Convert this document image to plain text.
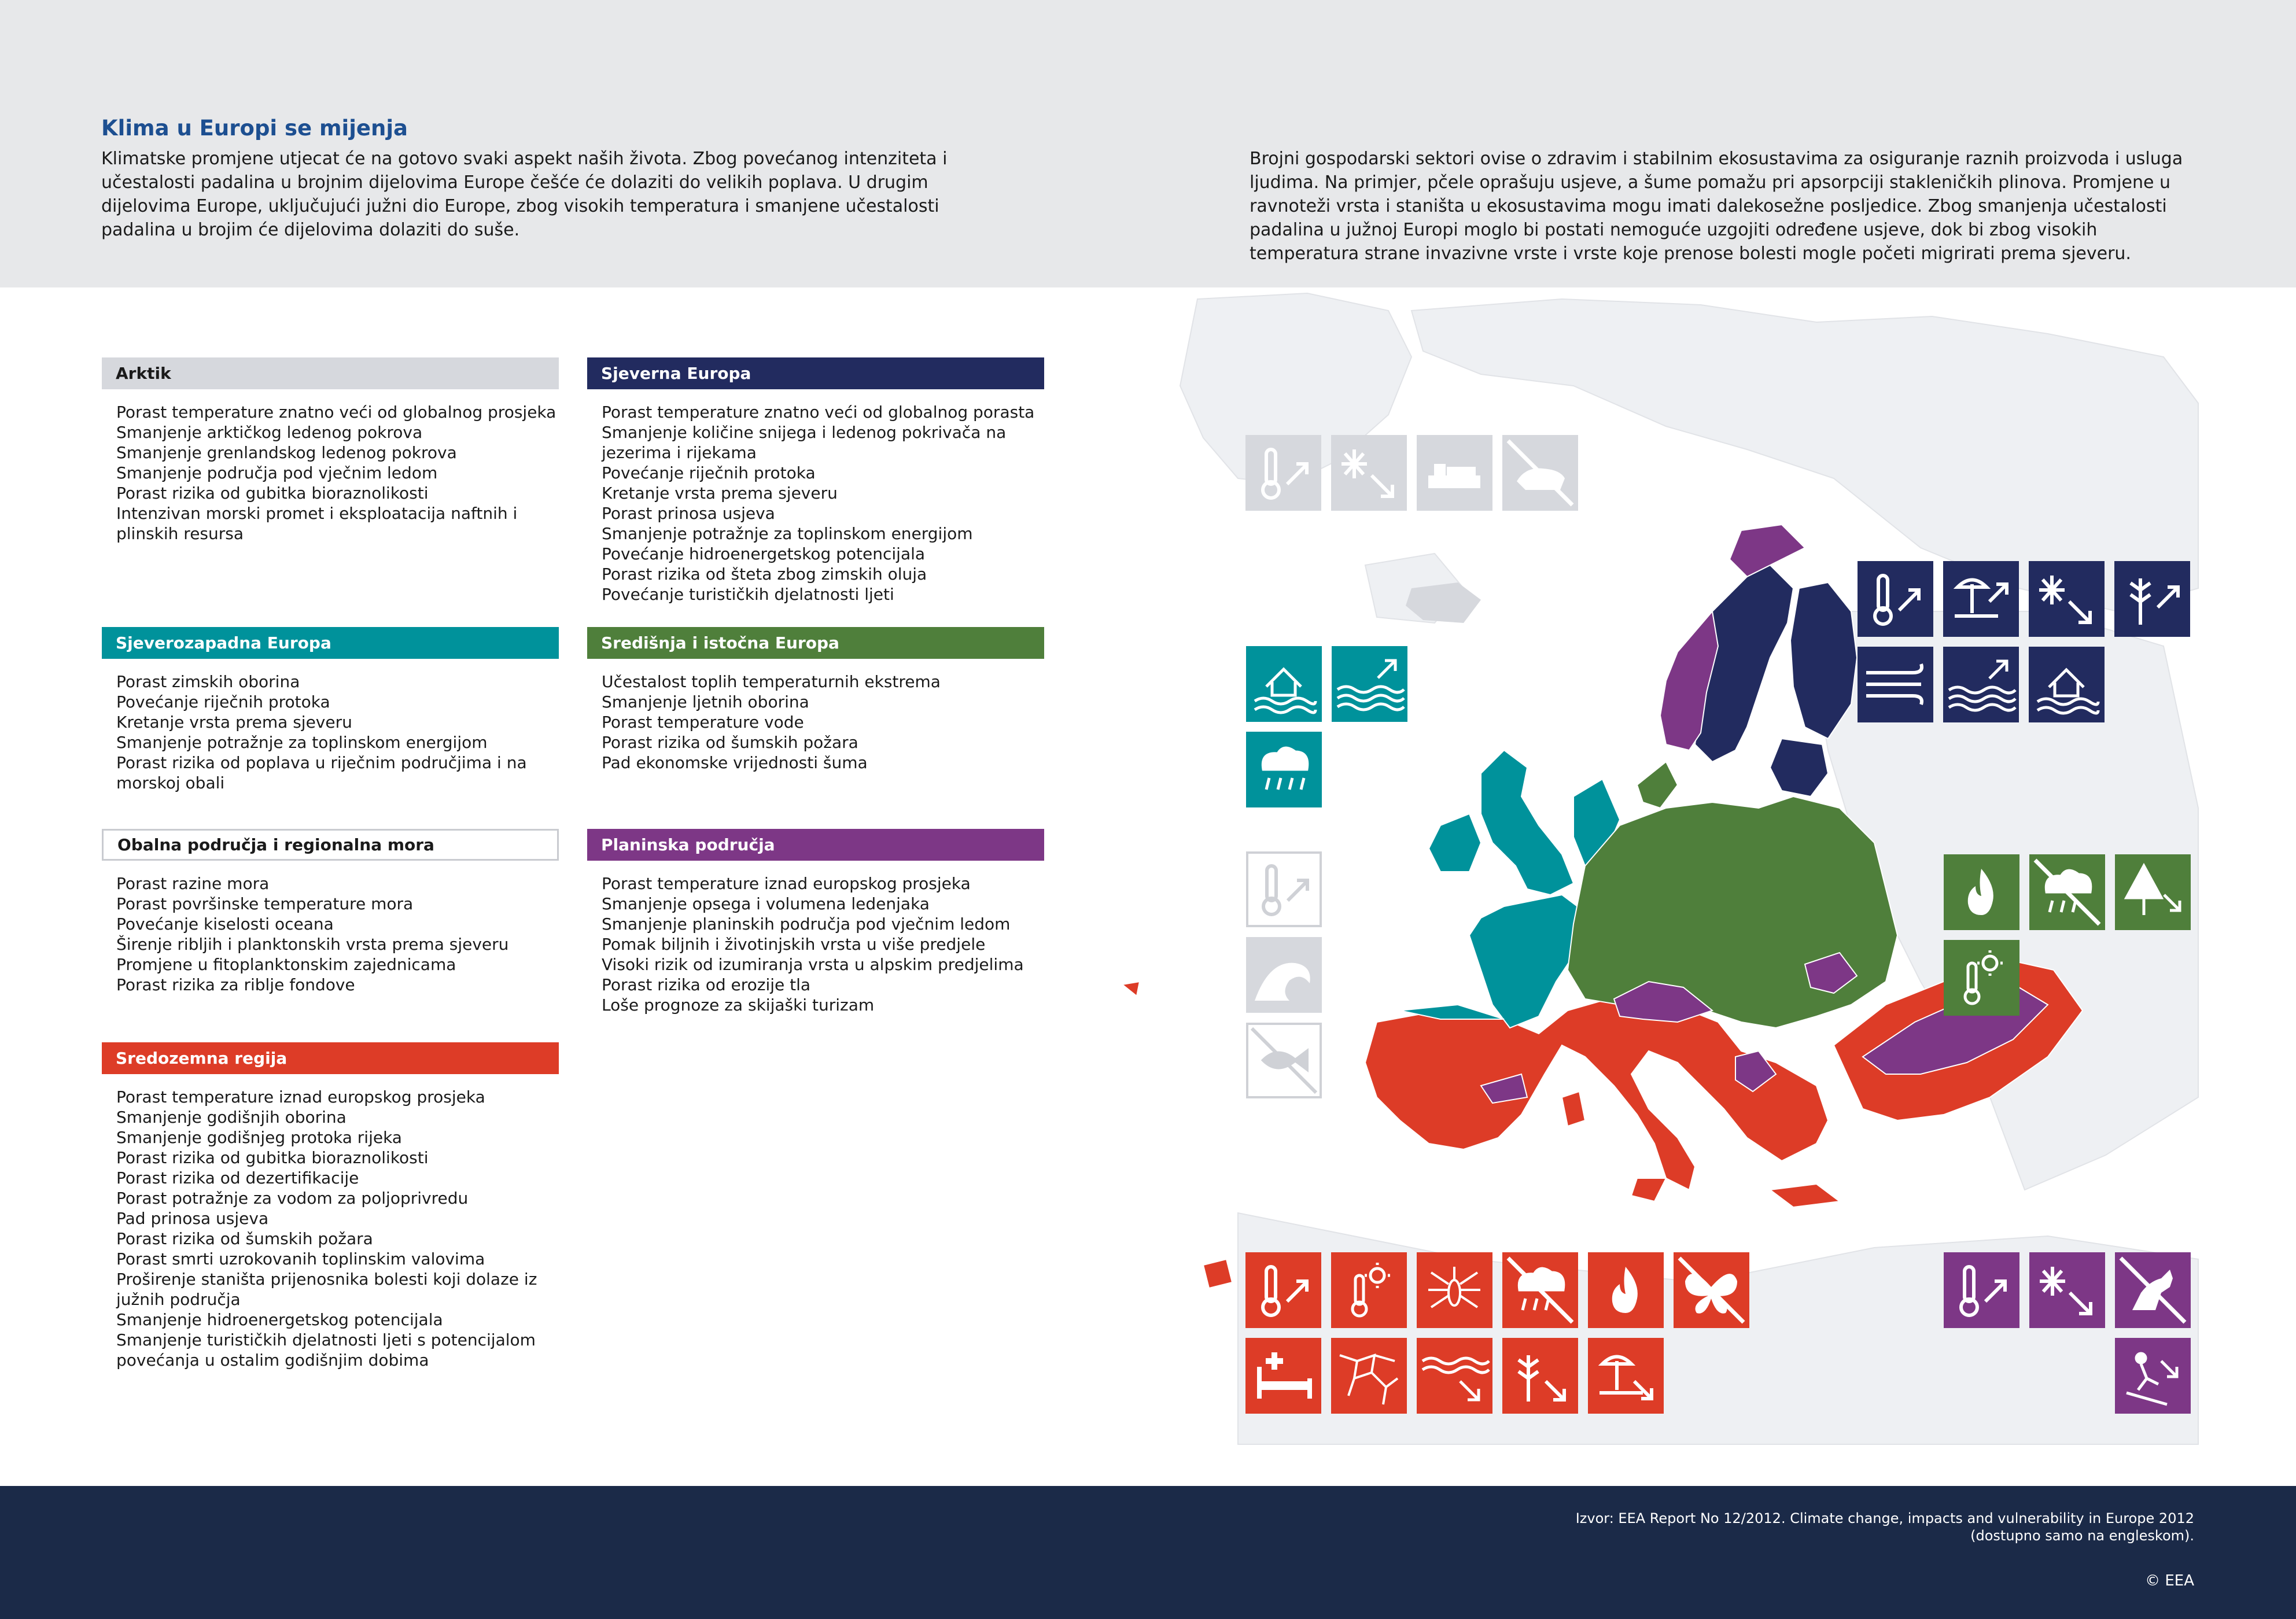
Klima u Europi se mijenja

Klimatske promjene utjecat će na gotovo svaki aspekt naših života. Zbog povećanog intenziteta i učestalosti padalina u brojnim dijelovima Europe češće će dolaziti do velikih poplava. U drugim dijelovima Europe, uključujući južni dio Europe, zbog visokih temperatura i smanjene učestalosti padalina u brojim će dijelovima dolaziti do suše.

Brojni gospodarski sektori ovise o zdravim i stabilnim ekosustavima za osiguranje raznih proizvoda i usluga ljudima. Na primjer, pčele oprašuju usjeve, a šume pomažu pri apsorpciji stakleničkih plinova. Promjene u ravnoteži vrsta i staništa u ekosustavima mogu imati dalekosežne posljedice. Zbog smanjenja učestalosti padalina u južnoj Europi moglo bi postati nemoguće uzgojiti određene usjeve, dok bi zbog visokih temperatura strane invazivne vrste i vrste koje prenose bolesti mogle početi migrirati prema sjeveru.

Arktik
Porast temperature znatno veći od globalnog prosjeka
Smanjenje arktičkog ledenog pokrova
Smanjenje grenlandskog ledenog pokrova
Smanjenje područja pod vječnim ledom
Porast rizika od gubitka bioraznolikosti
Intenzivan morski promet i eksploatacija naftnih i plinskih resursa
Sjeverna Europa
Porast temperature znatno veći od globalnog porasta
Smanjenje količine snijega i ledenog pokrivača na jezerima i rijekama
Povećanje riječnih protoka
Kretanje vrsta prema sjeveru
Porast prinosa usjeva
Smanjenje potražnje za toplinskom energijom
Povećanje hidroenergetskog potencijala
Porast rizika od šteta zbog zimskih oluja
Povećanje turističkih djelatnosti ljeti
Sjeverozapadna Europa
Porast zimskih oborina
Povećanje riječnih protoka
Kretanje vrsta prema sjeveru
Smanjenje potražnje za toplinskom energijom
Porast rizika od poplava u riječnim područjima i na morskoj obali
Središnja i istočna Europa
Učestalost toplih temperaturnih ekstrema
Smanjenje ljetnih oborina
Porast temperature vode
Porast rizika od šumskih požara
Pad ekonomske vrijednosti šuma
Obalna područja i regionalna mora
Porast razine mora
Porast površinske temperature mora
Povećanje kiselosti oceana
Širenje ribljih i planktonskih vrsta prema sjeveru
Promjene u fitoplanktonskim zajednicama
Porast rizika za riblje fondove
Planinska područja
Porast temperature iznad europskog prosjeka
Smanjenje opsega i volumena ledenjaka
Smanjenje planinskih područja pod vječnim ledom
Pomak biljnih i životinjskih vrsta u više predjele
Visoki rizik od izumiranja vrsta u alpskim predjelima
Porast rizika od erozije tla
Loše prognoze za skijaški turizam
Sredozemna regija
Porast temperature iznad europskog prosjeka
Smanjenje godišnjih oborina
Smanjenje godišnjeg protoka rijeka
Porast rizika od gubitka bioraznolikosti
Porast rizika od dezertifikacije
Porast potražnje za vodom za poljoprivredu
Pad prinosa usjeva
Porast rizika od šumskih požara
Porast smrti uzrokovanih toplinskim valovima
Proširenje staništa prijenosnika bolesti koji dolaze iz južnih područja
Smanjenje hidroenergetskog potencijala
Smanjenje turističkih djelatnosti ljeti s potencijalom povećanja u ostalim godišnjim dobima
Izvor: EEA Report No 12/2012. Climate change, impacts and vulnerability in Europe 2012
(dostupno samo na engleskom).
© EEA
